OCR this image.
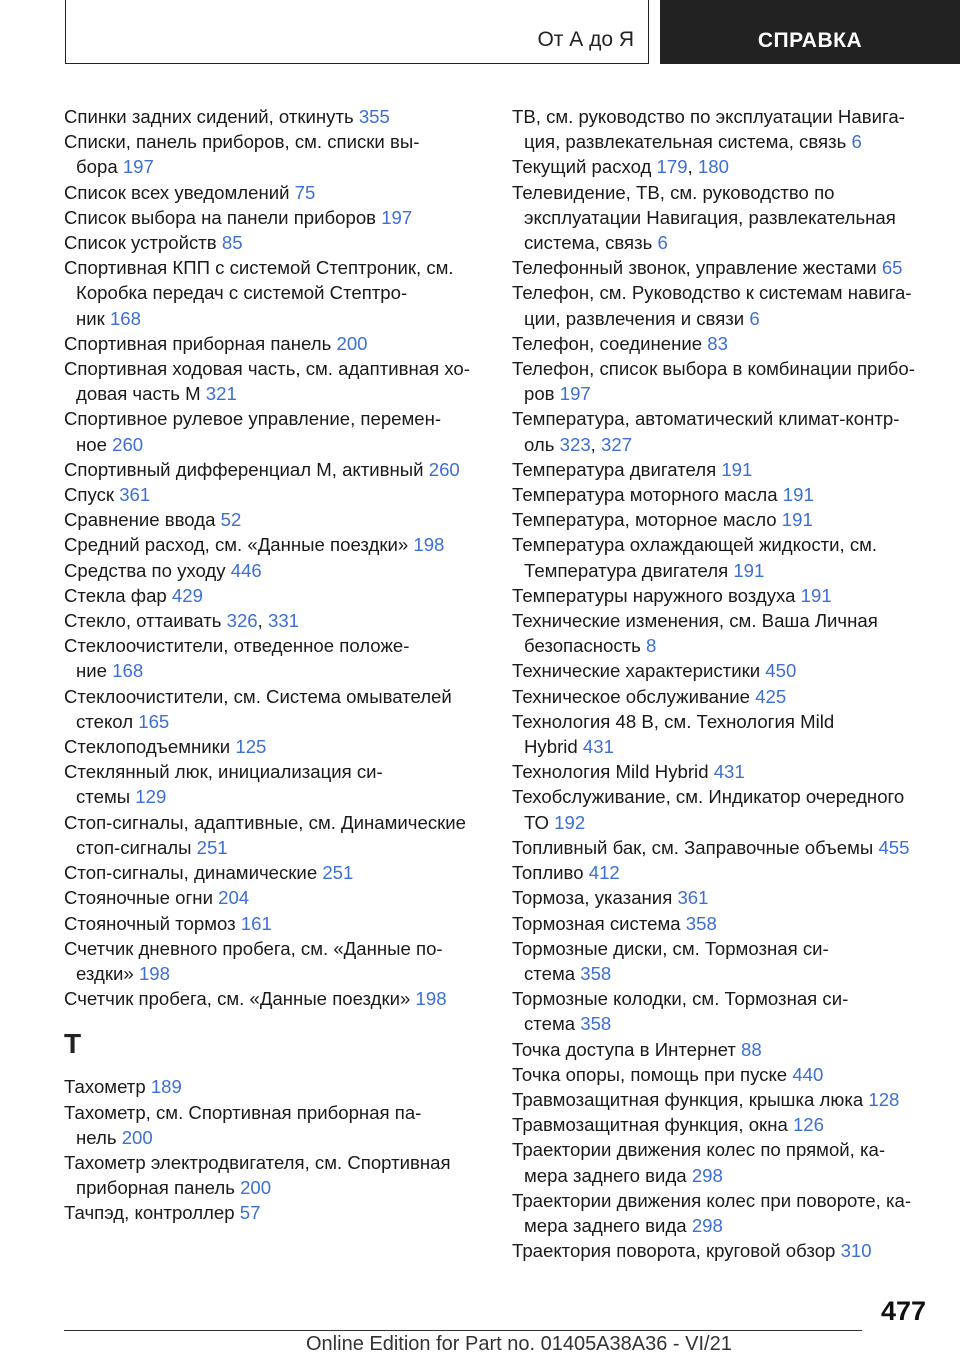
От А до Я	СПРАВКА
Спинки задних сидений, откинуть 355
Списки, панель приборов, см. списки вы-
бора 197
Список всех уведомлений 75
Список выбора на панели приборов 197
Список устройств 85
Спортивная КПП с системой Стептроник, см.
Коробка передач с системой Стептро-
ник 168
Спортивная приборная панель 200
Спортивная ходовая часть, см. адаптивная хо-
довая часть M 321
Спортивное рулевое управление, перемен-
ное 260
Спортивный дифференциал M, активный 260
Спуск 361
Сравнение ввода 52
Средний расход, см. «Данные поездки» 198
Средства по уходу 446
Стекла фар 429
Стекло, оттаивать 326, 331
Стеклоочистители, отведенное положе-
ние 168
Стеклоочистители, см. Система омывателей
стекол 165
Стеклоподъемники 125
Стеклянный люк, инициализация си-
стемы 129
Стоп-сигналы, адаптивные, см. Динамические
стоп-сигналы 251
Стоп-сигналы, динамические 251
Стояночные огни 204
Стояночный тормоз 161
Счетчик дневного пробега, см. «Данные по-
ездки» 198
Счетчик пробега, см. «Данные поездки» 198
Т
Тахометр 189
Тахометр, см. Спортивная приборная па-
нель 200
Тахометр электродвигателя, см. Спортивная
приборная панель 200
Тачпэд, контроллер 57
ТВ, см. руководство по эксплуатации Навига-
ция, развлекательная система, связь 6
Текущий расход 179, 180
Телевидение, ТВ, см. руководство по
эксплуатации Навигация, развлекательная
система, связь 6
Телефонный звонок, управление жестами 65
Телефон, см. Руководство к системам навига-
ции, развлечения и связи 6
Телефон, соединение 83
Телефон, список выбора в комбинации прибо-
ров 197
Температура, автоматический климат-контр-
оль 323, 327
Температура двигателя 191
Температура моторного масла 191
Температура, моторное масло 191
Температура охлаждающей жидкости, см.
Температура двигателя 191
Температуры наружного воздуха 191
Технические изменения, см. Ваша Личная
безопасность 8
Технические характеристики 450
Техническое обслуживание 425
Технология 48 В, см. Технология Mild
Hybrid 431
Технология Mild Hybrid 431
Техобслуживание, см. Индикатор очередного
ТО 192
Топливный бак, см. Заправочные объемы 455
Топливо 412
Тормоза, указания 361
Тормозная система 358
Тормозные диски, см. Тормозная си-
стема 358
Тормозные колодки, см. Тормозная си-
стема 358
Точка доступа в Интернет 88
Точка опоры, помощь при пуске 440
Травмозащитная функция, крышка люка 128
Травмозащитная функция, окна 126
Траектории движения колес по прямой, ка-
мера заднего вида 298
Траектории движения колес при повороте, ка-
мера заднего вида 298
Траектория поворота, круговой обзор 310
477
Online Edition for Part no. 01405A38A36 - VI/21
